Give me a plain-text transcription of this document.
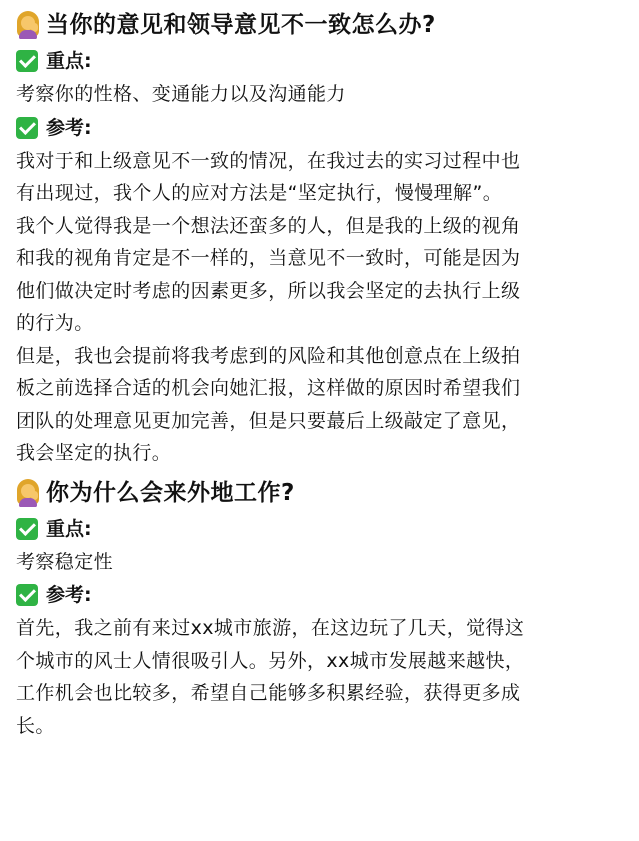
当你的意见和领导意见不一致怎么办?
重点:

考察你的性格、变通能力以及沟通能力

参考:
我对于和上级意见不一致的情况，在我过去的实习过程中也
有出现过，我个人的应对方法是“坚定执行，慢慢理解”。
我个人觉得我是一个想法还蛮多的人，但是我的上级的视角
和我的视角肯定是不一样的，当意见不一致时，可能是因为
他们做决定时考虑的因素更多，所以我会坚定的去执行上级
的行为。
但是，我也会提前将我考虑到的风险和其他创意点在上级拍
板之前选择合适的机会向她汇报，这样做的原因时希望我们
团队的处理意见更加完善，但是只要蕞后上级敲定了意见，
我会坚定的执行。
你为什么会来外地工作?
重点:

考察稳定性

参考:
首先，我之前有来过xx城市旅游，在这边玩了几天，觉得这
个城市的风士人情很吸引人。另外，xx城市发展越来越快，
工作机会也比较多，希望自己能够多积累经验，获得更多成
长。
